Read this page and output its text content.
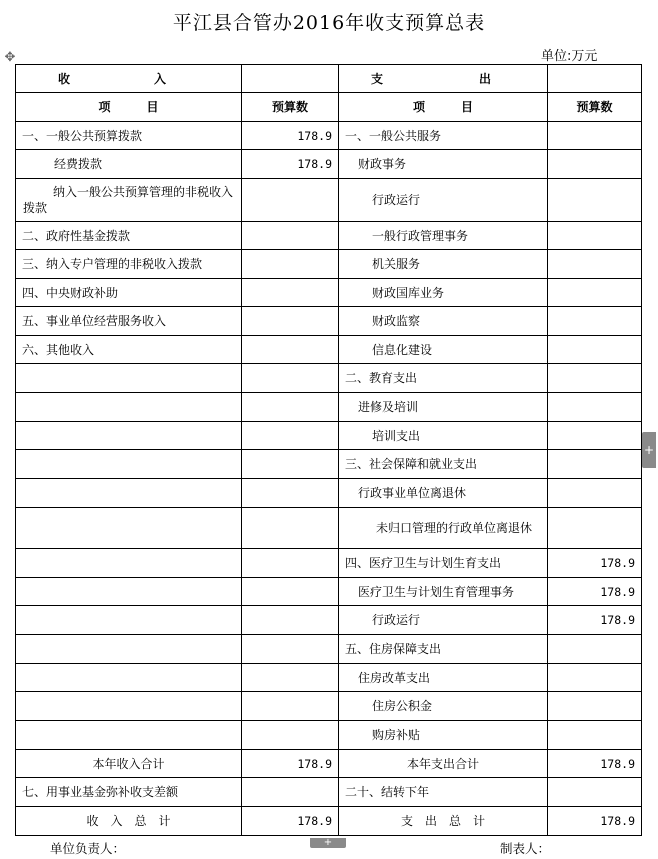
平江县合管办2016年收支预算总表
单位:万元
✥
收　　　　　　　入		支　　　　　　　　出	
项　　　目	预算数	项　　　目	预算数
一、一般公共预算拨款	178.9	一、一般公共服务	
经费拨款	178.9	财政事务	
纳入一般公共预算管理的非税收入拨款		行政运行	
二、政府性基金拨款		一般行政管理事务	
三、纳入专户管理的非税收入拨款		机关服务	
四、中央财政补助		财政国库业务	
五、事业单位经营服务收入		财政监察	
六、其他收入		信息化建设	
		二、教育支出	
		进修及培训	
		培训支出	
		三、社会保障和就业支出	
		行政事业单位离退休	
		未归口管理的行政单位离退休	
		四、医疗卫生与计划生育支出	178.9
		医疗卫生与计划生育管理事务	178.9
		行政运行	178.9
		五、住房保障支出	
		住房改革支出	
		住房公积金	
		购房补贴	
本年收入合计	178.9	本年支出合计	178.9
七、用事业基金弥补收支差额		二十、结转下年	
收　入　总　计	178.9	支　出　总　计	178.9
单位负责人：	制表人：
+
+
